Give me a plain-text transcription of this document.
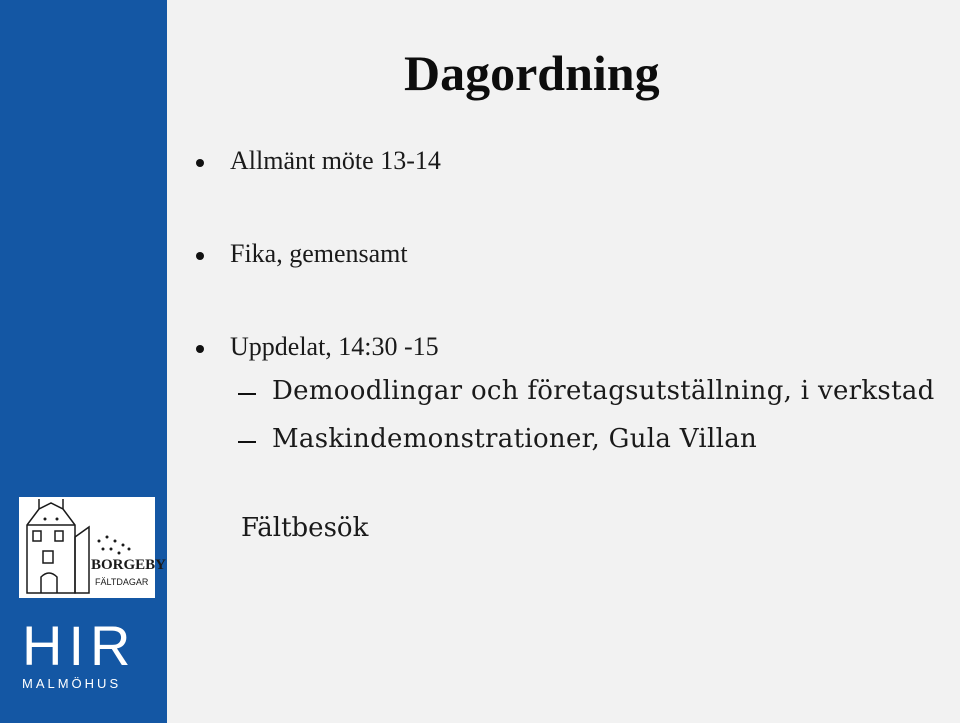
BORGEBY
FÄLTDAGAR
HIR
MALMÖHUS
Dagordning
Allmänt möte 13-14
Fika, gemensamt
Uppdelat, 14:30 -15
Demoodlingar och företagsutställning, i verkstad
Maskindemonstrationer, Gula Villan
Fältbesök
